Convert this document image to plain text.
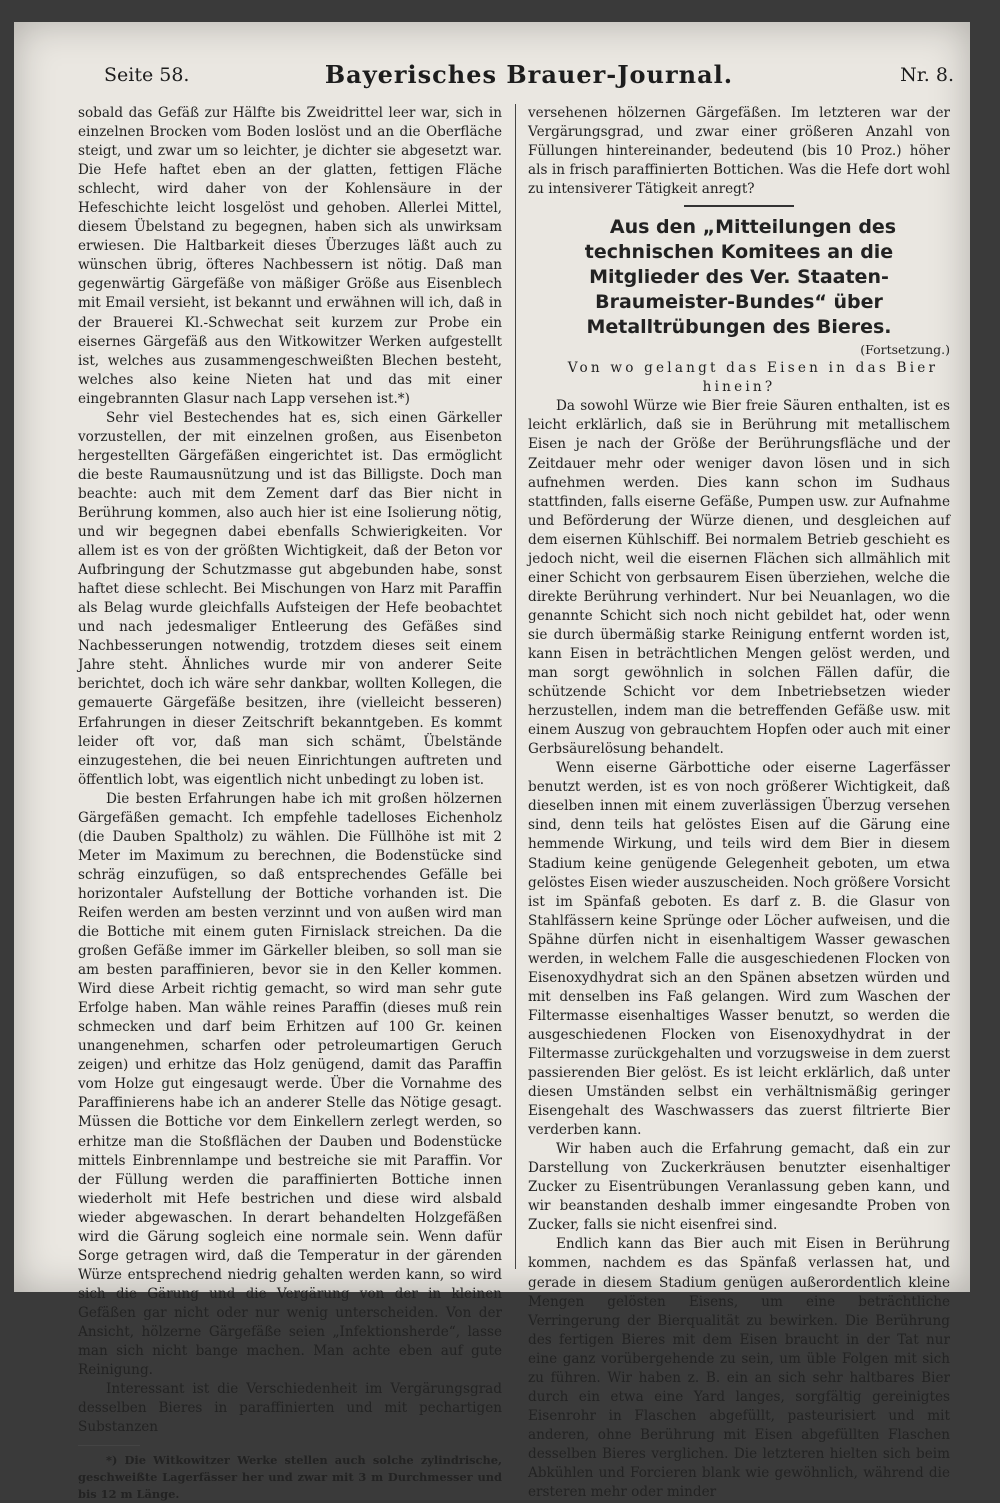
Seite 58.	Bayerisches Brauer-Journal.	Nr. 8.

sobald das Gefäß zur Hälfte bis Zweidrittel leer war, sich in einzelnen Brocken vom Boden loslöst und an die Oberfläche steigt, und zwar um so leichter, je dichter sie abgesetzt war. Die Hefe haftet eben an der glatten, fettigen Fläche schlecht, wird daher von der Kohlensäure in der Hefeschichte leicht losgelöst und gehoben. Allerlei Mittel, diesem Übelstand zu begegnen, haben sich als unwirksam erwiesen. Die Haltbarkeit dieses Überzuges läßt auch zu wünschen übrig, öfteres Nachbessern ist nötig. Daß man gegenwärtig Gärgefäße von mäßiger Größe aus Eisenblech mit Email versieht, ist bekannt und erwähnen will ich, daß in der Brauerei Kl.-Schwechat seit kurzem zur Probe ein eisernes Gärgefäß aus den Witkowitzer Werken aufgestellt ist, welches aus zusammengeschweißten Blechen besteht, welches also keine Nieten hat und das mit einer eingebrannten Glasur nach Lapp versehen ist.*)

Sehr viel Bestechendes hat es, sich einen Gärkeller vorzustellen, der mit einzelnen großen, aus Eisenbeton hergestellten Gärgefäßen eingerichtet ist. Das ermöglicht die beste Raumausnützung und ist das Billigste. Doch man beachte: auch mit dem Zement darf das Bier nicht in Berührung kommen, also auch hier ist eine Isolierung nötig, und wir begegnen dabei ebenfalls Schwierigkeiten. Vor allem ist es von der größten Wichtigkeit, daß der Beton vor Aufbringung der Schutzmasse gut abgebunden habe, sonst haftet diese schlecht. Bei Mischungen von Harz mit Paraffin als Belag wurde gleichfalls Aufsteigen der Hefe beobachtet und nach jedesmaliger Entleerung des Gefäßes sind Nachbesserungen notwendig, trotzdem dieses seit einem Jahre steht. Ähnliches wurde mir von anderer Seite berichtet, doch ich wäre sehr dankbar, wollten Kollegen, die gemauerte Gärgefäße besitzen, ihre (vielleicht besseren) Erfahrungen in dieser Zeitschrift bekanntgeben. Es kommt leider oft vor, daß man sich schämt, Übelstände einzugestehen, die bei neuen Einrichtungen auftreten und öffentlich lobt, was eigentlich nicht unbedingt zu loben ist.

Die besten Erfahrungen habe ich mit großen hölzernen Gärgefäßen gemacht. Ich empfehle tadelloses Eichenholz (die Dauben Spaltholz) zu wählen. Die Füllhöhe ist mit 2 Meter im Maximum zu berechnen, die Bodenstücke sind schräg einzufügen, so daß entsprechendes Gefälle bei horizontaler Aufstellung der Bottiche vorhanden ist. Die Reifen werden am besten verzinnt und von außen wird man die Bottiche mit einem guten Firnislack streichen. Da die großen Gefäße immer im Gärkeller bleiben, so soll man sie am besten paraffinieren, bevor sie in den Keller kommen. Wird diese Arbeit richtig gemacht, so wird man sehr gute Erfolge haben. Man wähle reines Paraffin (dieses muß rein schmecken und darf beim Erhitzen auf 100 Gr. keinen unangenehmen, scharfen oder petroleumartigen Geruch zeigen) und erhitze das Holz genügend, damit das Paraffin vom Holze gut eingesaugt werde. Über die Vornahme des Paraffinierens habe ich an anderer Stelle das Nötige gesagt. Müssen die Bottiche vor dem Einkellern zerlegt werden, so erhitze man die Stoßflächen der Dauben und Bodenstücke mittels Einbrennlampe und bestreiche sie mit Paraffin. Vor der Füllung werden die paraffinierten Bottiche innen wiederholt mit Hefe bestrichen und diese wird alsbald wieder abgewaschen. In derart behandelten Holzgefäßen wird die Gärung sogleich eine normale sein. Wenn dafür Sorge getragen wird, daß die Temperatur in der gärenden Würze entsprechend niedrig gehalten werden kann, so wird sich die Gärung und die Vergärung von der in kleinen Gefäßen gar nicht oder nur wenig unterscheiden. Von der Ansicht, hölzerne Gärgefäße seien „Infektionsherde“, lasse man sich nicht bange machen. Man achte eben auf gute Reinigung.

Interessant ist die Verschiedenheit im Vergärungsgrad desselben Bieres in paraffinierten und mit pechartigen Substanzen

*) Die Witkowitzer Werke stellen auch solche zylindrische, geschweißte Lagerfässer her und zwar mit 3 m Durchmesser und bis 12 m Länge.

versehenen hölzernen Gärgefäßen. Im letzteren war der Vergärungsgrad, und zwar einer größeren Anzahl von Füllungen hintereinander, bedeutend (bis 10 Proz.) höher als in frisch paraffinierten Bottichen. Was die Hefe dort wohl zu intensiverer Tätigkeit anregt?

Aus den „Mitteilungen des technischen Komitees an die Mitglieder des Ver. Staaten-Braumeister-Bundes“ über Metalltrübungen des Bieres.

(Fortsetzung.)

Von wo gelangt das Eisen in das Bier hinein?

Da sowohl Würze wie Bier freie Säuren enthalten, ist es leicht erklärlich, daß sie in Berührung mit metallischem Eisen je nach der Größe der Berührungsfläche und der Zeitdauer mehr oder weniger davon lösen und in sich aufnehmen werden. Dies kann schon im Sudhaus stattfinden, falls eiserne Gefäße, Pumpen usw. zur Aufnahme und Beförderung der Würze dienen, und desgleichen auf dem eisernen Kühlschiff. Bei normalem Betrieb geschieht es jedoch nicht, weil die eisernen Flächen sich allmählich mit einer Schicht von gerbsaurem Eisen überziehen, welche die direkte Berührung verhindert. Nur bei Neuanlagen, wo die genannte Schicht sich noch nicht gebildet hat, oder wenn sie durch übermäßig starke Reinigung entfernt worden ist, kann Eisen in beträchtlichen Mengen gelöst werden, und man sorgt gewöhnlich in solchen Fällen dafür, die schützende Schicht vor dem Inbetriebsetzen wieder herzustellen, indem man die betreffenden Gefäße usw. mit einem Auszug von gebrauchtem Hopfen oder auch mit einer Gerbsäurelösung behandelt.

Wenn eiserne Gärbottiche oder eiserne Lagerfässer benutzt werden, ist es von noch größerer Wichtigkeit, daß dieselben innen mit einem zuverlässigen Überzug versehen sind, denn teils hat gelöstes Eisen auf die Gärung eine hemmende Wirkung, und teils wird dem Bier in diesem Stadium keine genügende Gelegenheit geboten, um etwa gelöstes Eisen wieder auszuscheiden. Noch größere Vorsicht ist im Spänfaß geboten. Es darf z. B. die Glasur von Stahlfässern keine Sprünge oder Löcher aufweisen, und die Spähne dürfen nicht in eisenhaltigem Wasser gewaschen werden, in welchem Falle die ausgeschiedenen Flocken von Eisenoxydhydrat sich an den Spänen absetzen würden und mit denselben ins Faß gelangen. Wird zum Waschen der Filtermasse eisenhaltiges Wasser benutzt, so werden die ausgeschiedenen Flocken von Eisenoxydhydrat in der Filtermasse zurückgehalten und vorzugsweise in dem zuerst passierenden Bier gelöst. Es ist leicht erklärlich, daß unter diesen Umständen selbst ein verhältnismäßig geringer Eisengehalt des Waschwassers das zuerst filtrierte Bier verderben kann.

Wir haben auch die Erfahrung gemacht, daß ein zur Darstellung von Zuckerkräusen benutzter eisenhaltiger Zucker zu Eisentrübungen Veranlassung geben kann, und wir beanstanden deshalb immer eingesandte Proben von Zucker, falls sie nicht eisenfrei sind.

Endlich kann das Bier auch mit Eisen in Berührung kommen, nachdem es das Spänfaß verlassen hat, und gerade in diesem Stadium genügen außerordentlich kleine Mengen gelösten Eisens, um eine beträchtliche Verringerung der Bierqualität zu bewirken. Die Berührung des fertigen Bieres mit dem Eisen braucht in der Tat nur eine ganz vorübergehende zu sein, um üble Folgen mit sich zu führen. Wir haben z. B. ein an sich sehr haltbares Bier durch ein etwa eine Yard langes, sorgfältig gereinigtes Eisenrohr in Flaschen abgefüllt, pasteurisiert und mit anderen, ohne Berührung mit Eisen abgefüllten Flaschen desselben Bieres verglichen. Die letzteren hielten sich beim Abkühlen und Forcieren blank wie gewöhnlich, während die ersteren mehr oder minder
